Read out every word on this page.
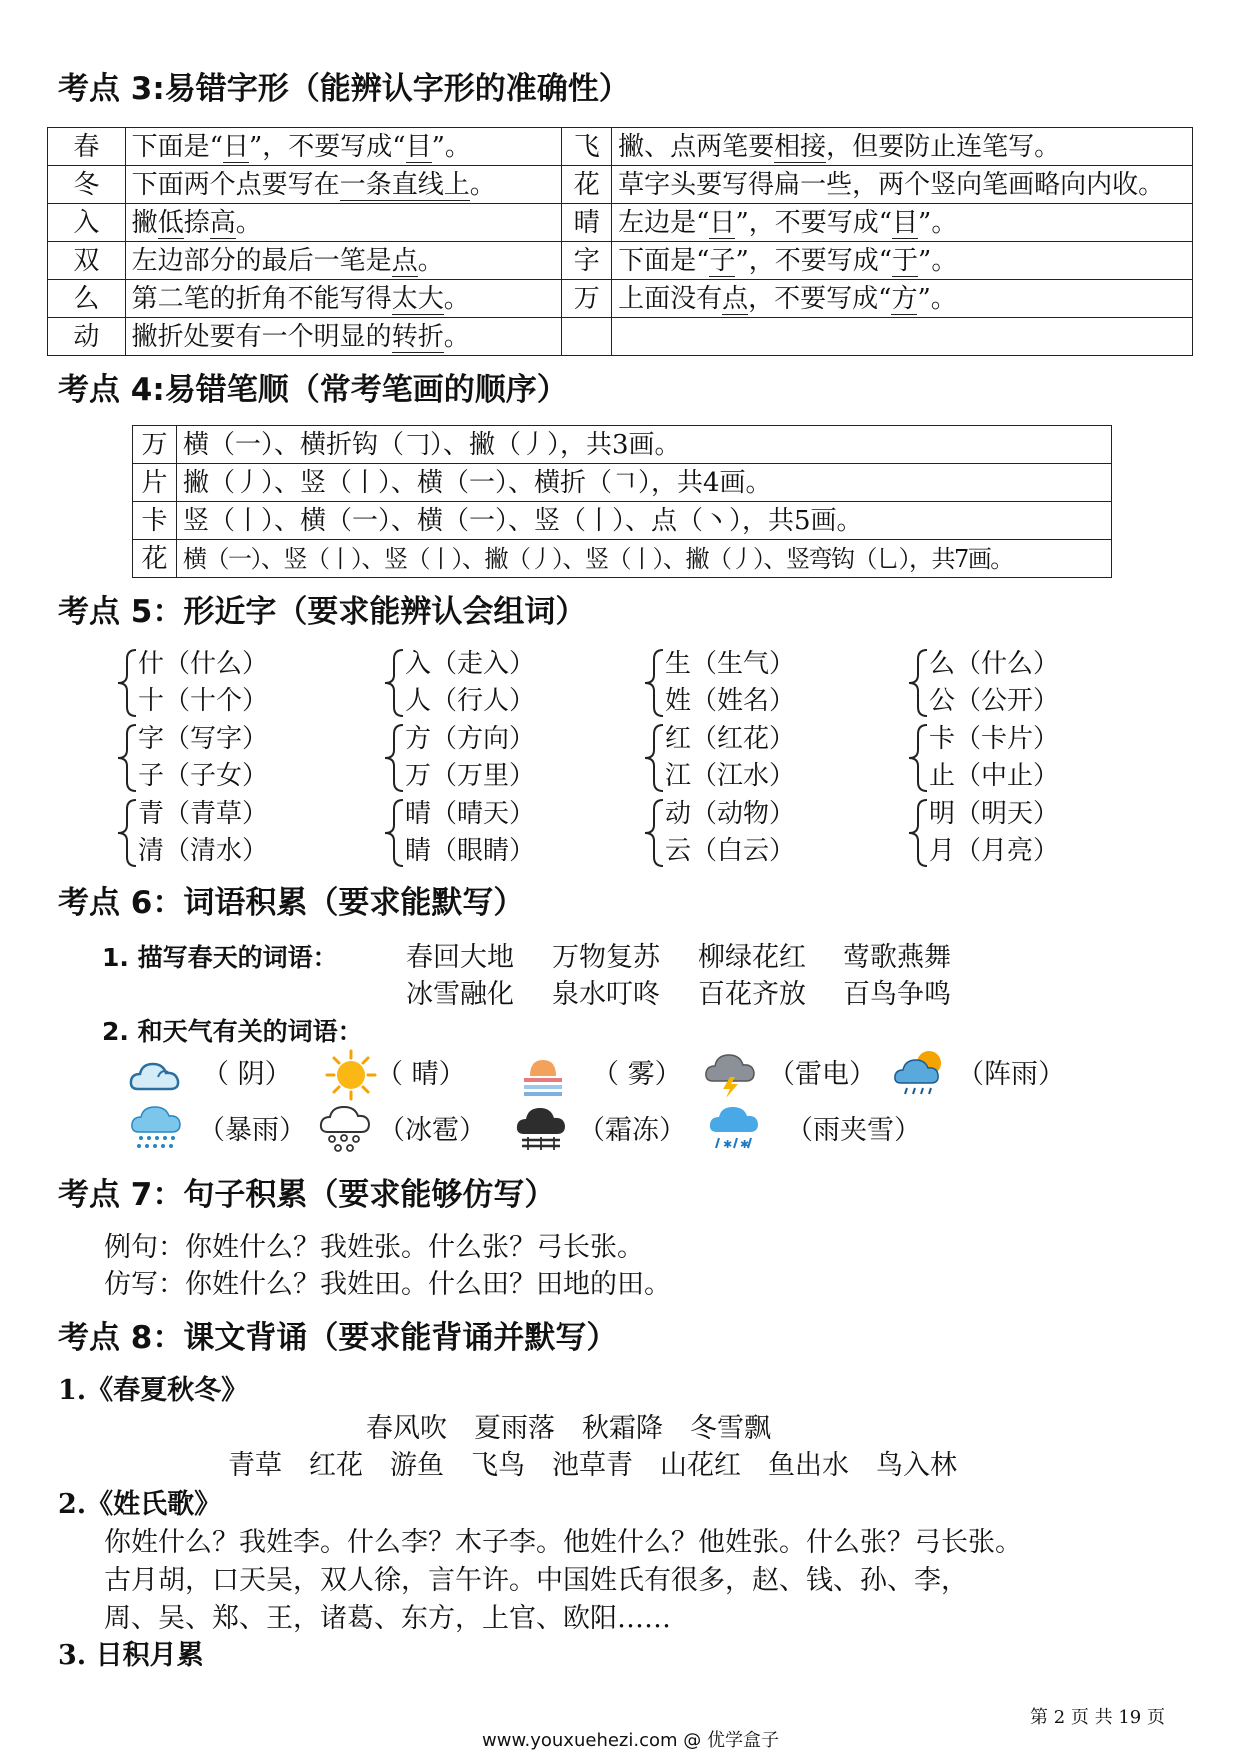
考点 3:易错字形（能辨认字形的准确性）
春	下面是“日”，不要写成“目”。	飞	撇、点两笔要相接，但要防止连笔写。
冬	下面两个点要写在一条直线上。	花	草字头要写得扁一些，两个竖向笔画略向内收。
入	撇低捺高。	晴	左边是“日”，不要写成“目”。
双	左边部分的最后一笔是点。	字	下面是“子”，不要写成“于”。
么	第二笔的折角不能写得太大。	万	上面没有点，不要写成“方”。
动	撇折处要有一个明显的转折。		
考点 4:易错笔顺（常考笔画的顺序）
万	横（一）、横折钩（𠃌）、撇（丿），共3画。
片	撇（丿）、竖（丨）、横（一）、横折（𠃍），共4画。
卡	竖（丨）、横（一）、横（一）、竖（丨）、点（丶），共5画。
花	横（一）、竖（丨）、竖（丨）、撇（丿）、竖（丨）、撇（丿）、竖弯钩（乚），共7画。
考点 5：形近字（要求能辨认会组词）
什（什么）
十（十个）
入（走入）
人（行人）
生（生气）
姓（姓名）
么（什么）
公（公开）
字（写字）
子（子女）
方（方向）
万（万里）
红（红花）
江（江水）
卡（卡片）
止（中止）
青（青草）
清（清水）
晴（晴天）
睛（眼睛）
动（动物）
云（白云）
明（明天）
月（月亮）
考点 6：词语积累（要求能默写）
1. 描写春天的词语：	春回大地 万物复苏 柳绿花红 莺歌燕舞
冰雪融化 泉水叮咚 百花齐放 百鸟争鸣
2. 和天气有关的词语：
✱ ✱
（ 阴）	（ 晴）	（ 雾）	（雷电）	（阵雨）
（暴雨）	（冰雹）	（霜冻）	（雨夹雪）
考点 7：句子积累（要求能够仿写）
例句：你姓什么？我姓张。什么张？弓长张。
仿写：你姓什么？我姓田。什么田？田地的田。
考点 8：课文背诵（要求能背诵并默写）
1.《春夏秋冬》
春风吹　夏雨落　秋霜降　冬雪飘
青草　红花　游鱼　飞鸟　池草青　山花红　鱼出水　鸟入林
2.《姓氏歌》
你姓什么？我姓李。什么李？木子李。他姓什么？他姓张。什么张？弓长张。
古月胡，口天吴，双人徐，言午许。中国姓氏有很多，赵、钱、孙、李，
周、吴、郑、王，诸葛、东方，上官、欧阳……
3. 日积月累
第 2 页 共 19 页
www.youxuehezi.com @ 优学盒子
